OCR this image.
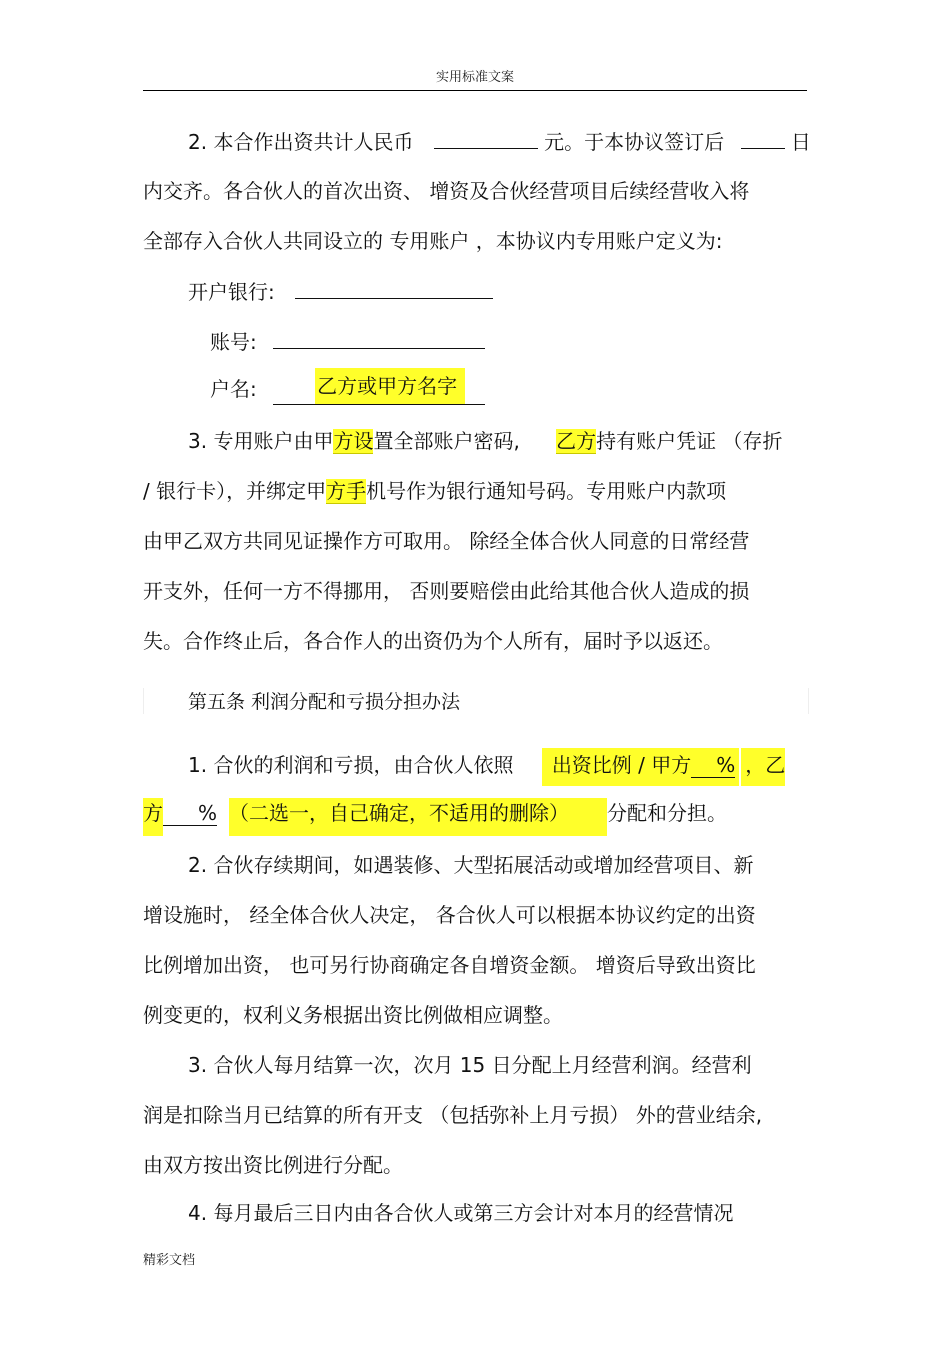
实用标准文案
2. 本合作出资共计人民币	元。于本协议签订后	日
内交齐。各合伙人的首次出资、 增资及合伙经营项目后续经营收入将
全部存入合伙人共同设立的 专用账户 ，本协议内专用账户定义为:
开户银行:
账号:
户名:	乙方或甲方名字
3. 专用账户由甲方设置全部账户密码, 乙方持有账户凭证 （存折
/ 银行卡），并绑定甲方手机号作为银行通知号码。专用账户内款项
由甲乙双方共同见证操作方可取用。 除经全体合伙人同意的日常经营
开支外，任何一方不得挪用， 否则要赔偿由此给其他合伙人造成的损
失。合作终止后，各合作人的出资仍为个人所有，届时予以返还。
第五条 利润分配和亏损分担办法
1. 合伙的利润和亏损，由合伙人依照 出资比例 / 甲方 % ，乙
方 % （二选一，自己确定，不适用的删除） 分配和分担。
2. 合伙存续期间，如遇装修、大型拓展活动或增加经营项目、新
增设施时， 经全体合伙人决定， 各合伙人可以根据本协议约定的出资
比例增加出资， 也可另行协商确定各自增资金额。 增资后导致出资比
例变更的，权利义务根据出资比例做相应调整。
3. 合伙人每月结算一次，次月 15 日分配上月经营利润。经营利
润是扣除当月已结算的所有开支 （包括弥补上月亏损） 外的营业结余,
由双方按出资比例进行分配。
4. 每月最后三日内由各合伙人或第三方会计对本月的经营情况
精彩文档
